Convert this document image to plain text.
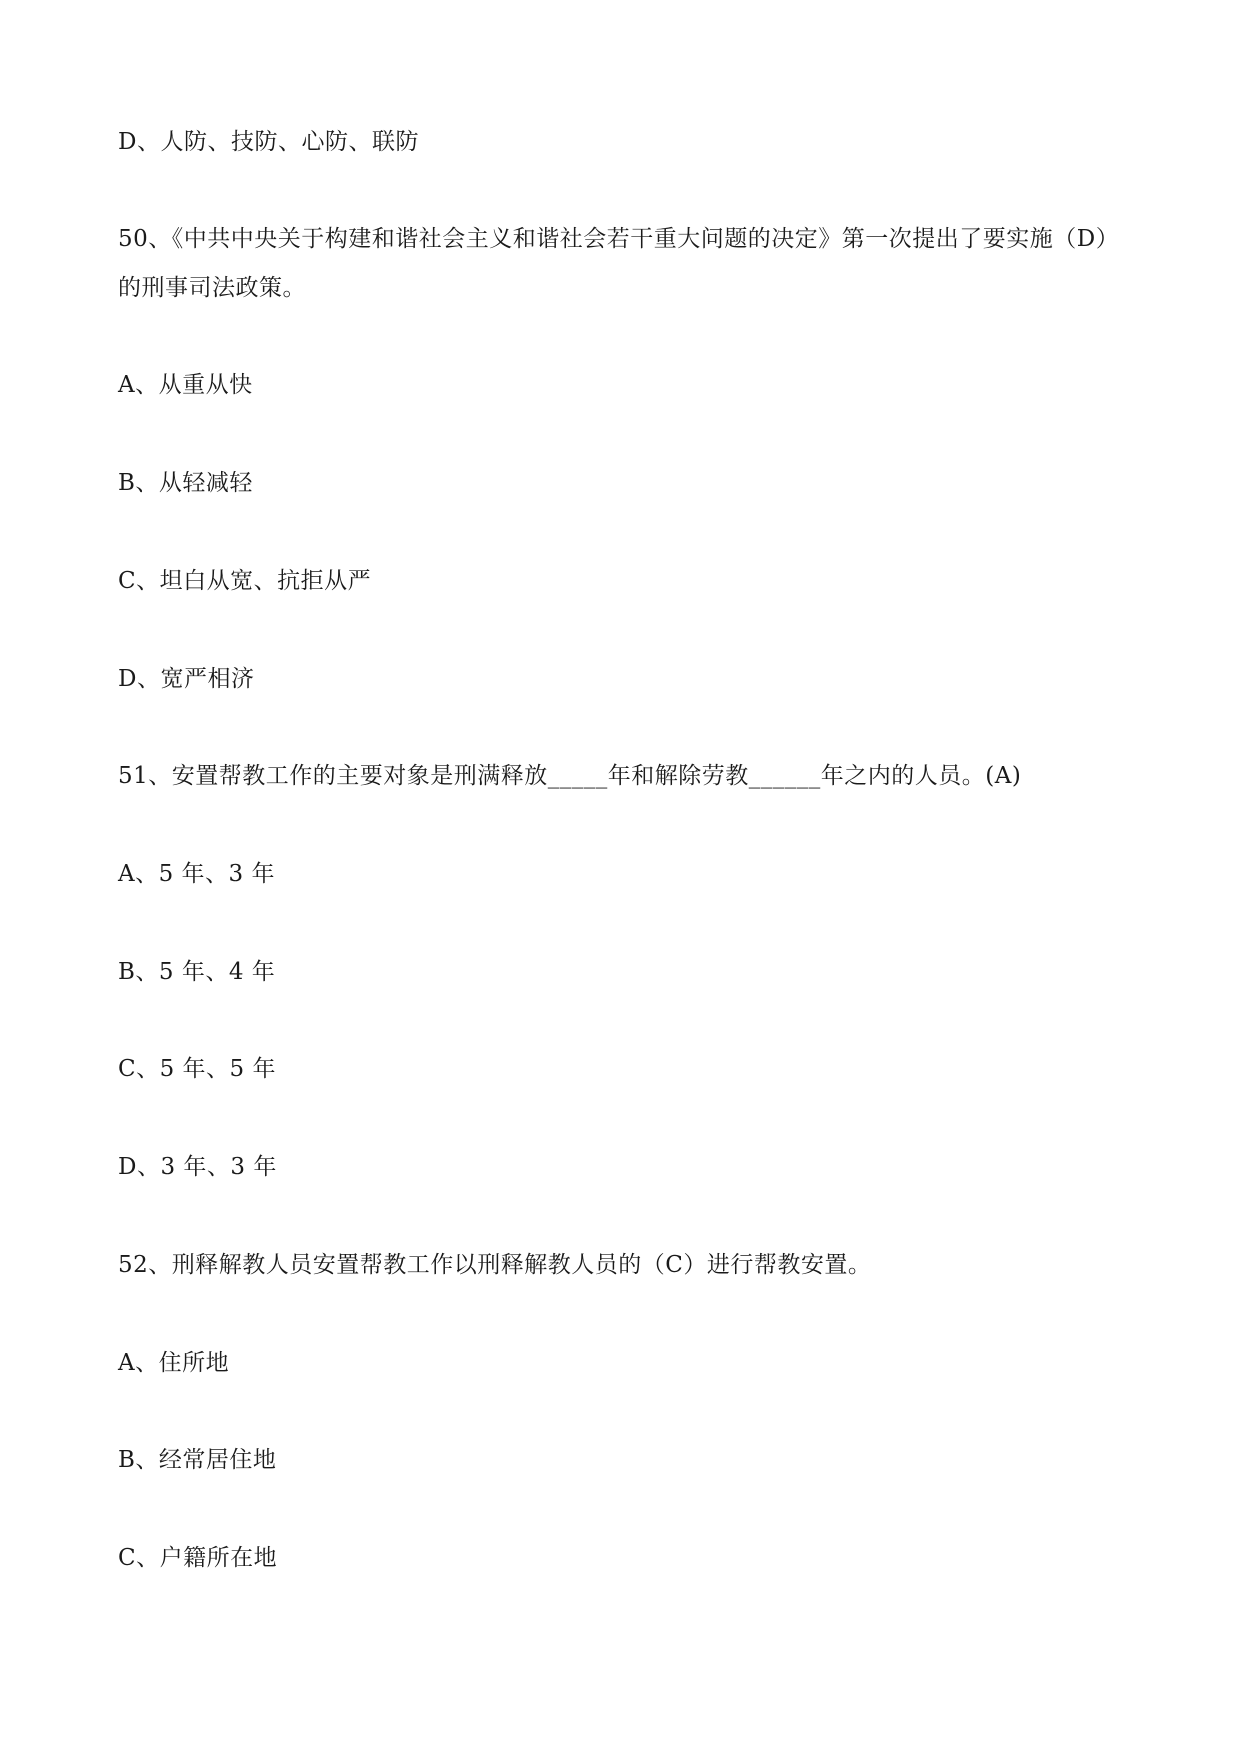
D、人防、技防、心防、联防
50、《中共中央关于构建和谐社会主义和谐社会若干重大问题的决定》第一次提出了要实施（D）
的刑事司法政策。
A、从重从快
B、从轻减轻
C、坦白从宽、抗拒从严
D、宽严相济
51、安置帮教工作的主要对象是刑满释放_____年和解除劳教______年之内的人员。(A)
A、5 年、3 年
B、5 年、4 年
C、5 年、5 年
D、3 年、3 年
52、刑释解教人员安置帮教工作以刑释解教人员的（C）进行帮教安置。
A、住所地
B、经常居住地
C、户籍所在地
